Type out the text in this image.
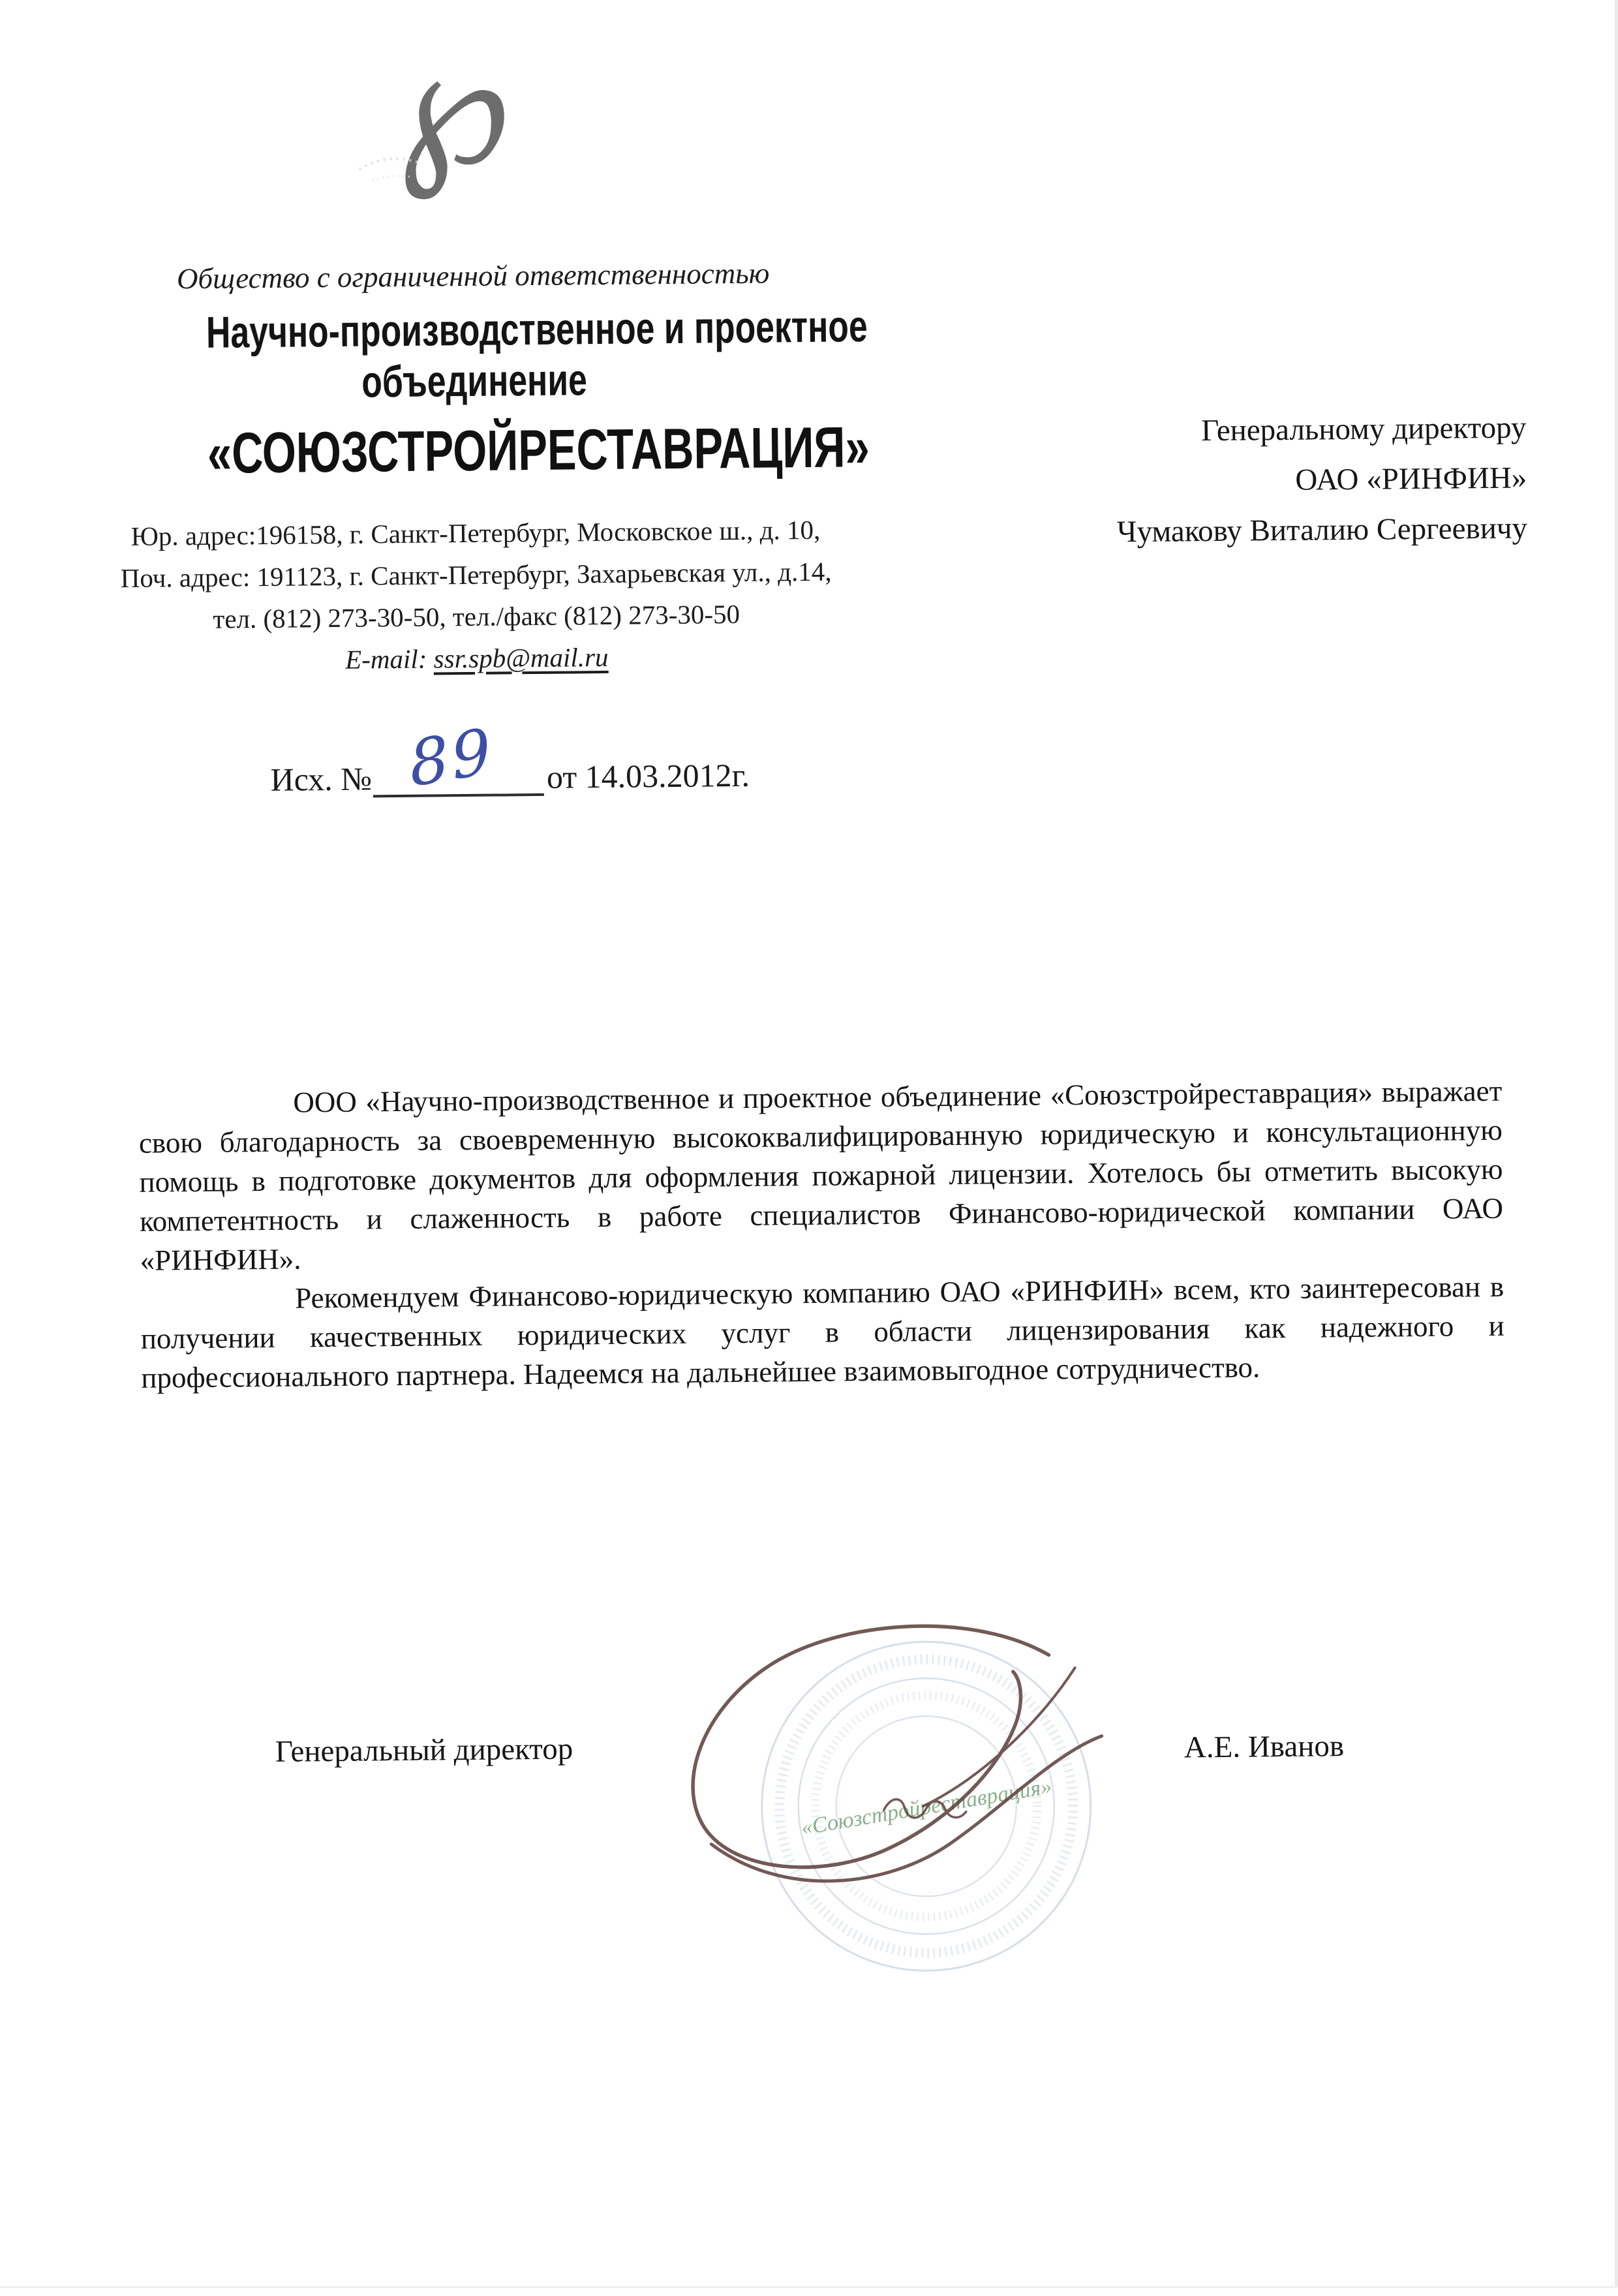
℘
Общество с ограниченной ответственностью
Научно-производственное и проектное
объединение
«СОЮЗСТРОЙРЕСТАВРАЦИЯ»
Юр. адрес:196158, г. Санкт-Петербург, Московское ш., д. 10,
Поч. адрес: 191123, г. Санкт-Петербург, Захарьевская ул., д.14,
тел. (812) 273-30-50, тел./факс (812) 273-30-50
E-mail: ssr.spb@mail.ru
Генеральному директору
ОАО «РИНФИН»
Чумакову Виталию Сергеевичу
Исх. № 89 от 14.03.2012г.

ООО «Научно-производственное и проектное объединение «Союзстройреставрация» выражает свою благодарность за своевременную высококвалифицированную юридическую и консультационную помощь в подготовке документов для оформления пожарной лицензии. Хотелось бы отметить высокую компетентность и слаженность в работе специалистов Финансово-юридической компании ОАО «РИНФИН».

Рекомендуем Финансово-юридическую компанию ОАО «РИНФИН» всем, кто заинтересован в получении качественных юридических услуг в области лицензирования как надежного и профессионального партнера. Надеемся на дальнейшее взаимовыгодное сотрудничество.

Генеральный директор	А.Е. Иванов
«Союзстройреставрация»
